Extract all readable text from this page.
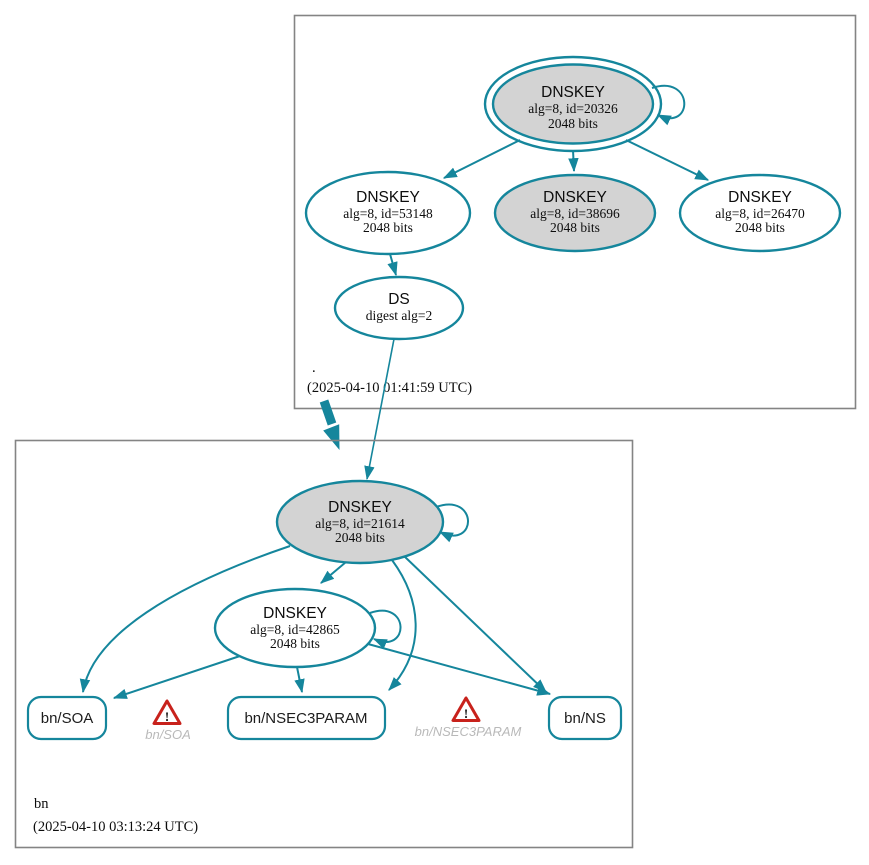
DNSKEY
alg=8, id=20326
2048 bits
DNSKEY
alg=8, id=53148
2048 bits
DNSKEY
alg=8, id=38696
2048 bits
DNSKEY
alg=8, id=26470
2048 bits
DS
digest alg=2
.
(2025-04-10 01:41:59 UTC)
DNSKEY
alg=8, id=21614
2048 bits
DNSKEY
alg=8, id=42865
2048 bits
bn/SOA	!
bn/SOA
bn/NSEC3PARAM	!
bn/NSEC3PARAM
bn/NS
bn
(2025-04-10 03:13:24 UTC)
